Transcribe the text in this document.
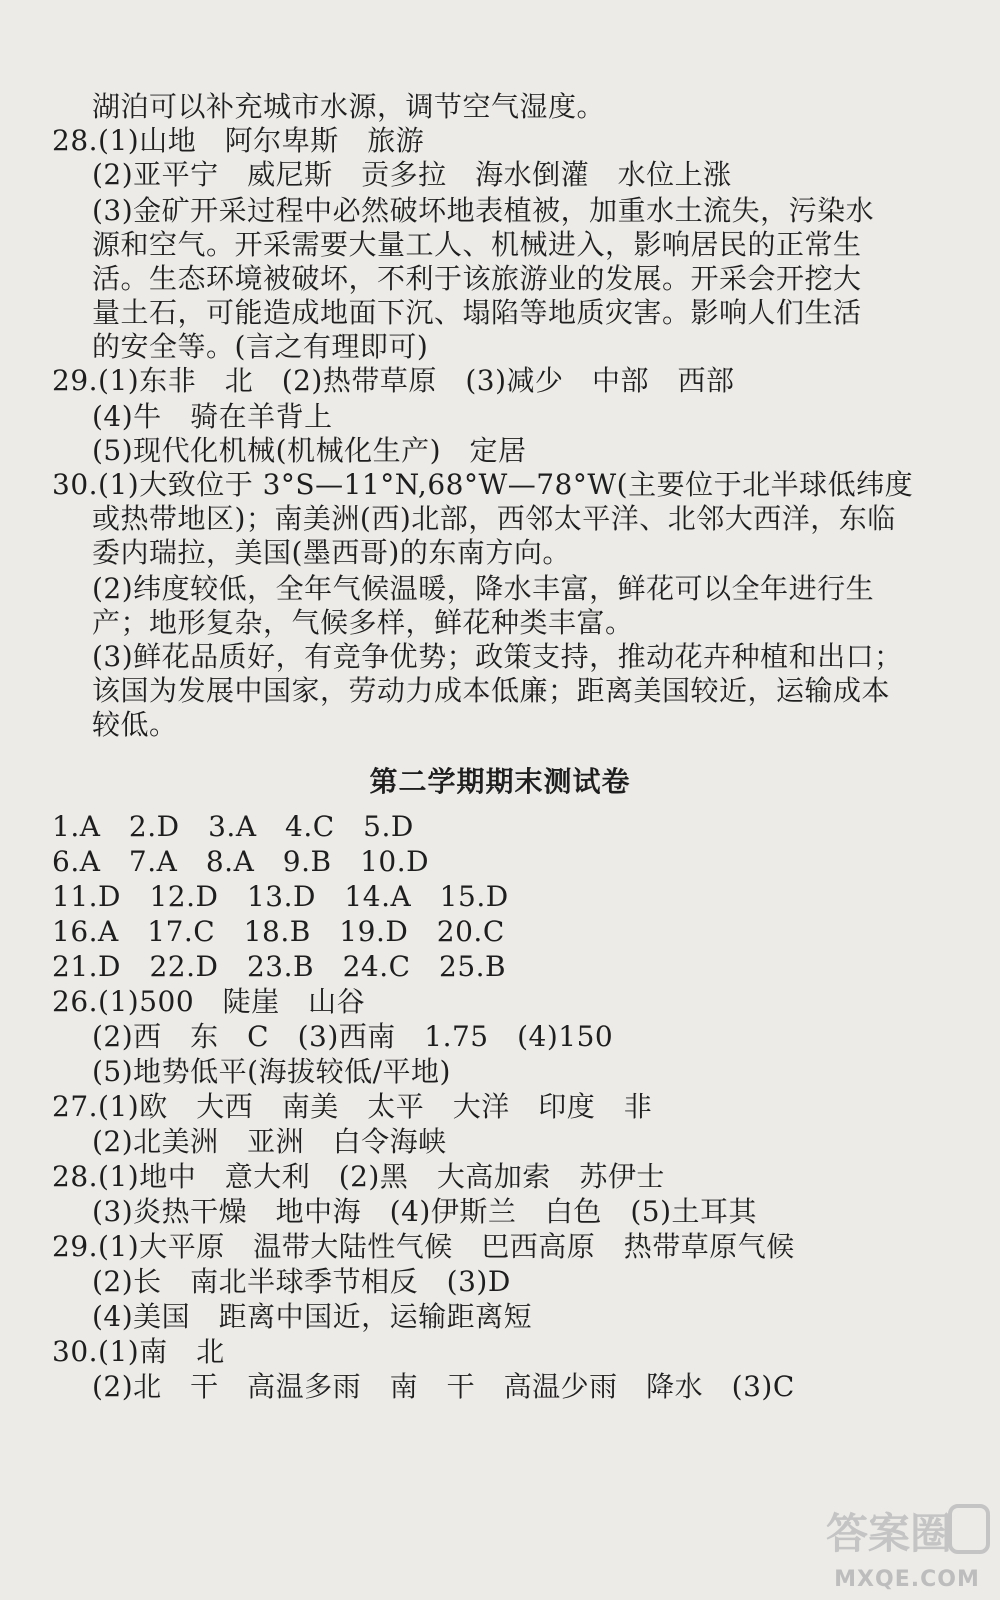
湖泊可以补充城市水源，调节空气湿度。
28.(1)山地　阿尔卑斯　旅游
(2)亚平宁　威尼斯　贡多拉　海水倒灌　水位上涨
(3)金矿开采过程中必然破坏地表植被，加重水土流失，污染水
源和空气。开采需要大量工人、机械进入，影响居民的正常生
活。生态环境被破坏，不利于该旅游业的发展。开采会开挖大
量土石，可能造成地面下沉、塌陷等地质灾害。影响人们生活
的安全等。(言之有理即可)
29.(1)东非　北　(2)热带草原　(3)减少　中部　西部
(4)牛　骑在羊背上
(5)现代化机械(机械化生产)　定居
30.(1)大致位于 3°S—11°N,68°W—78°W(主要位于北半球低纬度
或热带地区)；南美洲(西)北部，西邻太平洋、北邻大西洋，东临
委内瑞拉，美国(墨西哥)的东南方向。
(2)纬度较低，全年气候温暖，降水丰富，鲜花可以全年进行生
产；地形复杂，气候多样，鲜花种类丰富。
(3)鲜花品质好，有竞争优势；政策支持，推动花卉种植和出口；
该国为发展中国家，劳动力成本低廉；距离美国较近，运输成本
较低。
第二学期期末测试卷
1.A　2.D　3.A　4.C　5.D
6.A　7.A　8.A　9.B　10.D
11.D　12.D　13.D　14.A　15.D
16.A　17.C　18.B　19.D　20.C
21.D　22.D　23.B　24.C　25.B
26.(1)500　陡崖　山谷
(2)西　东　C　(3)西南　1.75　(4)150
(5)地势低平(海拔较低/平地)
27.(1)欧　大西　南美　太平　大洋　印度　非
(2)北美洲　亚洲　白令海峡
28.(1)地中　意大利　(2)黑　大高加索　苏伊士
(3)炎热干燥　地中海　(4)伊斯兰　白色　(5)土耳其
29.(1)大平原　温带大陆性气候　巴西高原　热带草原气候
(2)长　南北半球季节相反　(3)D
(4)美国　距离中国近，运输距离短
30.(1)南　北
(2)北　干　高温多雨　南　干　高温少雨　降水　(3)C
答案圈
MXQE.COM
